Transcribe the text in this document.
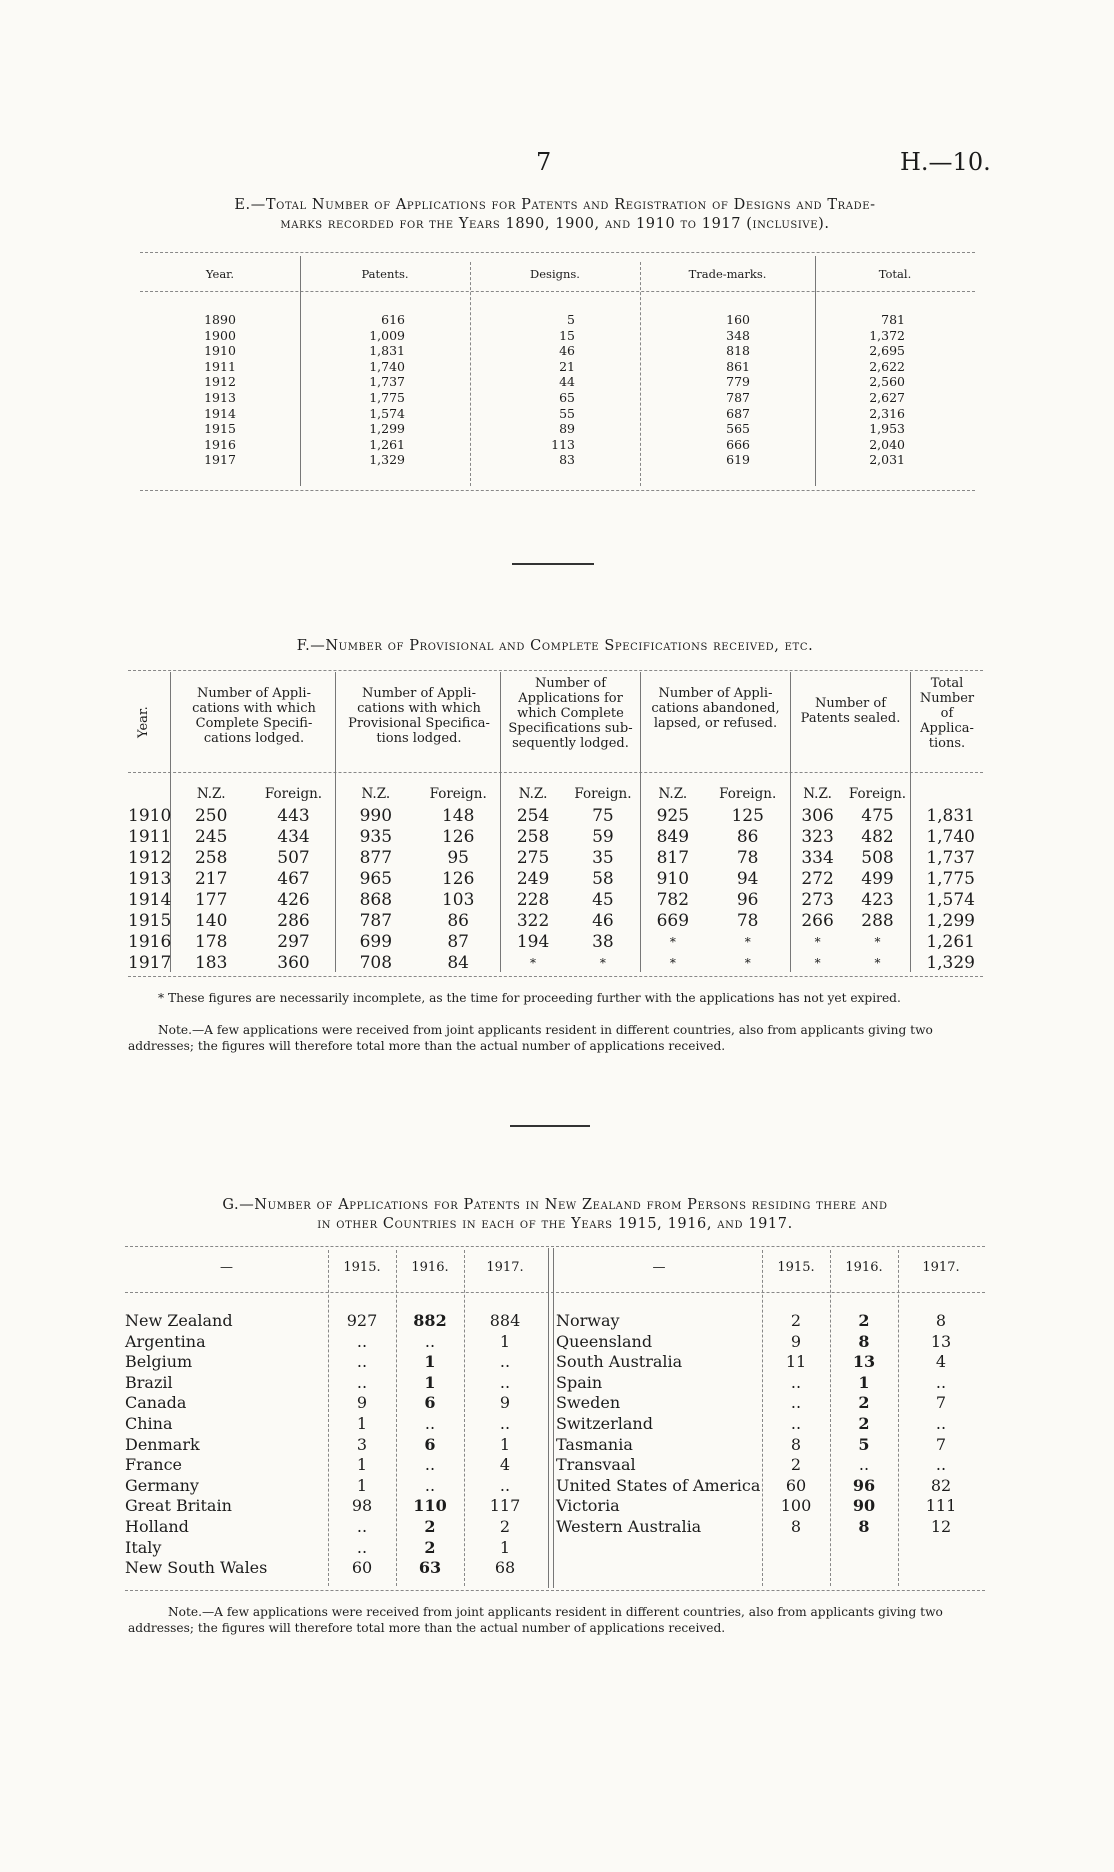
7	H.—10.
E.—Total Number of Applications for Patents and Registration of Designs and Trade-
marks recorded for the Years 1890, 1900, and 1910 to 1917 (inclusive).
Year.	Patents.	Designs.	Trade-marks.	Total.

1890	616	5	160	781
1900	1,009	15	348	1,372
1910	1,831	46	818	2,695
1911	1,740	21	861	2,622
1912	1,737	44	779	2,560
1913	1,775	65	787	2,627
1914	1,574	55	687	2,316
1915	1,299	89	565	1,953
1916	1,261	113	666	2,040
1917	1,329	83	619	2,031
F.—Number of Provisional and Complete Specifications received, etc.
Year.
Number of Appli-cations with which Complete Specifi-cations lodged.
Number of Appli-cations with which Provisional Specifica-tions lodged.
Number of Applications for which Complete Specifications sub-sequently lodged.
Number of Appli-cations abandoned, lapsed, or refused.
Number of Patents sealed.
Total Number of Applica-tions.
	N.Z.	Foreign.	N.Z.	Foreign.	N.Z.	Foreign.	N.Z.	Foreign.	N.Z.	Foreign.	
1910	250	443	990	148	254	75	925	125	306	475	1,831
1911	245	434	935	126	258	59	849	86	323	482	1,740
1912	258	507	877	95	275	35	817	78	334	508	1,737
1913	217	467	965	126	249	58	910	94	272	499	1,775
1914	177	426	868	103	228	45	782	96	273	423	1,574
1915	140	286	787	86	322	46	669	78	266	288	1,299
1916	178	297	699	87	194	38	*	*	*	*	1,261
1917	183	360	708	84	*	*	*	*	*	*	1,329
* These figures are necessarily incomplete, as the time for proceeding further with the applications has not yet expired.
Note.—A few applications were received from joint applicants resident in different countries, also from applicants giving two addresses; the figures will therefore total more than the actual number of applications received.
G.—Number of Applications for Patents in New Zealand from Persons residing there and
in other Countries in each of the Years 1915, 1916, and 1917.
—	1915.	1916.	1917.	—	1915.	1916.	1917.
New Zealand	927	882	884
Argentina	..	..	1
Belgium	..	1	..
Brazil	..	1	..
Canada	9	6	9
China	1	..	..
Denmark	3	6	1
France	1	..	4
Germany	1	..	..
Great Britain	98	110	117
Holland	..	2	2
Italy	..	2	1
New South Wales	60	63	68
Norway	2	2	8
Queensland	9	8	13
South Australia	11	13	4
Spain	..	1	..
Sweden	..	2	7
Switzerland	..	2	..
Tasmania	8	5	7
Transvaal	2	..	..
United States of America	60	96	82
Victoria	100	90	111
Western Australia	8	8	12
Note.—A few applications were received from joint applicants resident in different countries, also from applicants giving two addresses; the figures will therefore total more than the actual number of applications received.
